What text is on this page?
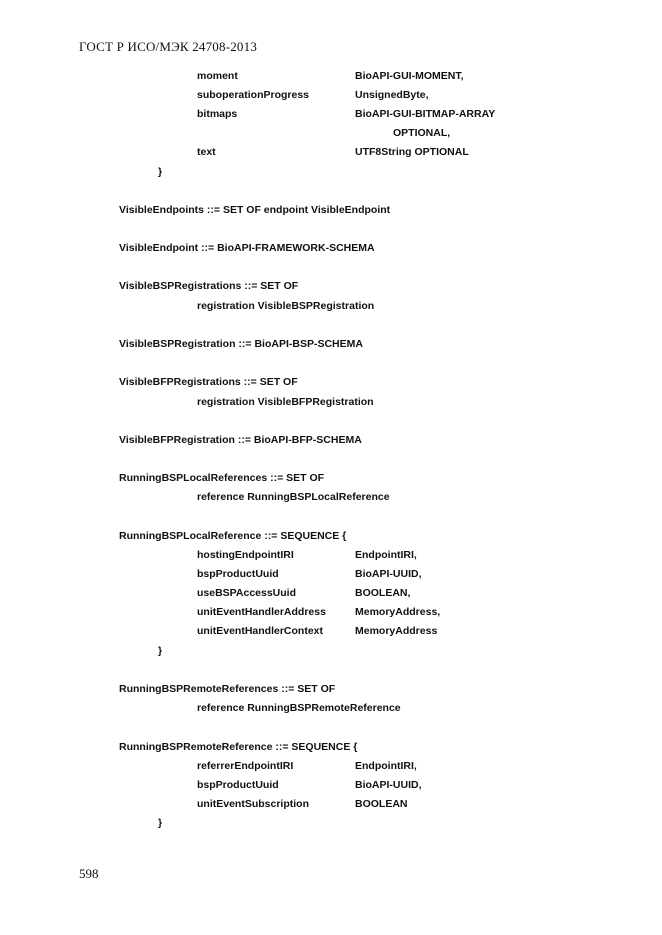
ГОСТ Р ИСО/МЭК 24708-2013
moment	BioAPI-GUI-MOMENT,
suboperationProgress	UnsignedByte,
bitmaps	BioAPI-GUI-BITMAP-ARRAY
OPTIONAL,
text	UTF8String OPTIONAL
}
VisibleEndpoints ::= SET OF endpoint VisibleEndpoint
VisibleEndpoint ::= BioAPI-FRAMEWORK-SCHEMA
VisibleBSPRegistrations ::= SET OF
registration VisibleBSPRegistration
VisibleBSPRegistration ::= BioAPI-BSP-SCHEMA
VisibleBFPRegistrations ::= SET OF
registration VisibleBFPRegistration
VisibleBFPRegistration ::= BioAPI-BFP-SCHEMA
RunningBSPLocalReferences ::= SET OF
reference RunningBSPLocalReference
RunningBSPLocalReference ::= SEQUENCE {
hostingEndpointIRI	EndpointIRI,
bspProductUuid	BioAPI-UUID,
useBSPAccessUuid	BOOLEAN,
unitEventHandlerAddress	MemoryAddress,
unitEventHandlerContext	MemoryAddress
}
RunningBSPRemoteReferences ::= SET OF
reference RunningBSPRemoteReference
RunningBSPRemoteReference ::= SEQUENCE {
referrerEndpointIRI	EndpointIRI,
bspProductUuid	BioAPI-UUID,
unitEventSubscription	BOOLEAN
}
598
